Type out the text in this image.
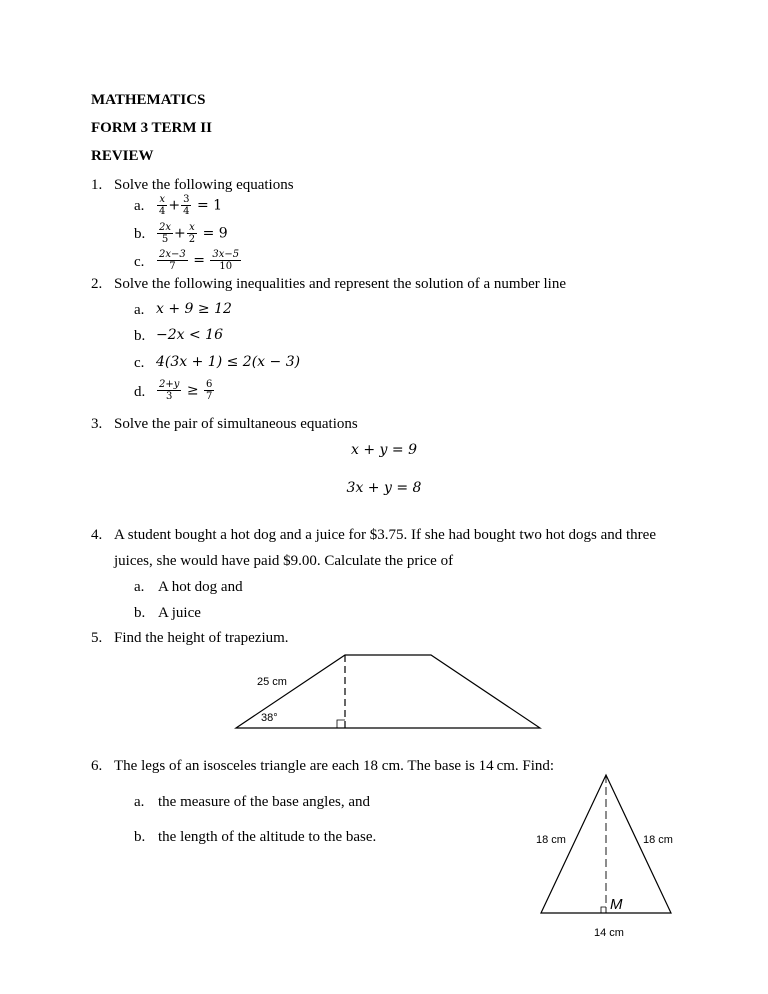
MATHEMATICS
FORM 3 TERM II
REVIEW
1. Solve the following equations
a. $\frac{x}{4} + \frac{3}{4} = 1$
b. $\frac{2x}{5} + \frac{x}{2} = 9$
c. $\frac{2x-3}{7} = \frac{3x-5}{10}$
2. Solve the following inequalities and represent the solution of a number line
a. x + 9 ≥ 12
b. −2x < 16
c. 4(3x + 1) ≤ 2(x − 3)
d. $\frac{2+y}{3} \ge \frac{6}{7}$
3. Solve the pair of simultaneous equations
x + y = 9
3x + y = 8
4. A student bought a hot dog and a juice for $3.75. If she had bought two hot dogs and three
juices, she would have paid $9.00. Calculate the price of
a. A hot dog and
b. A juice
5. Find the height of trapezium.
25 cm
38°
6. The legs of an isosceles triangle are each 18 cm. The base is 14 cm. Find:
a. the measure of the base angles, and
b. the length of the altitude to the base.	18 cm	18 cm
M
14 cm
